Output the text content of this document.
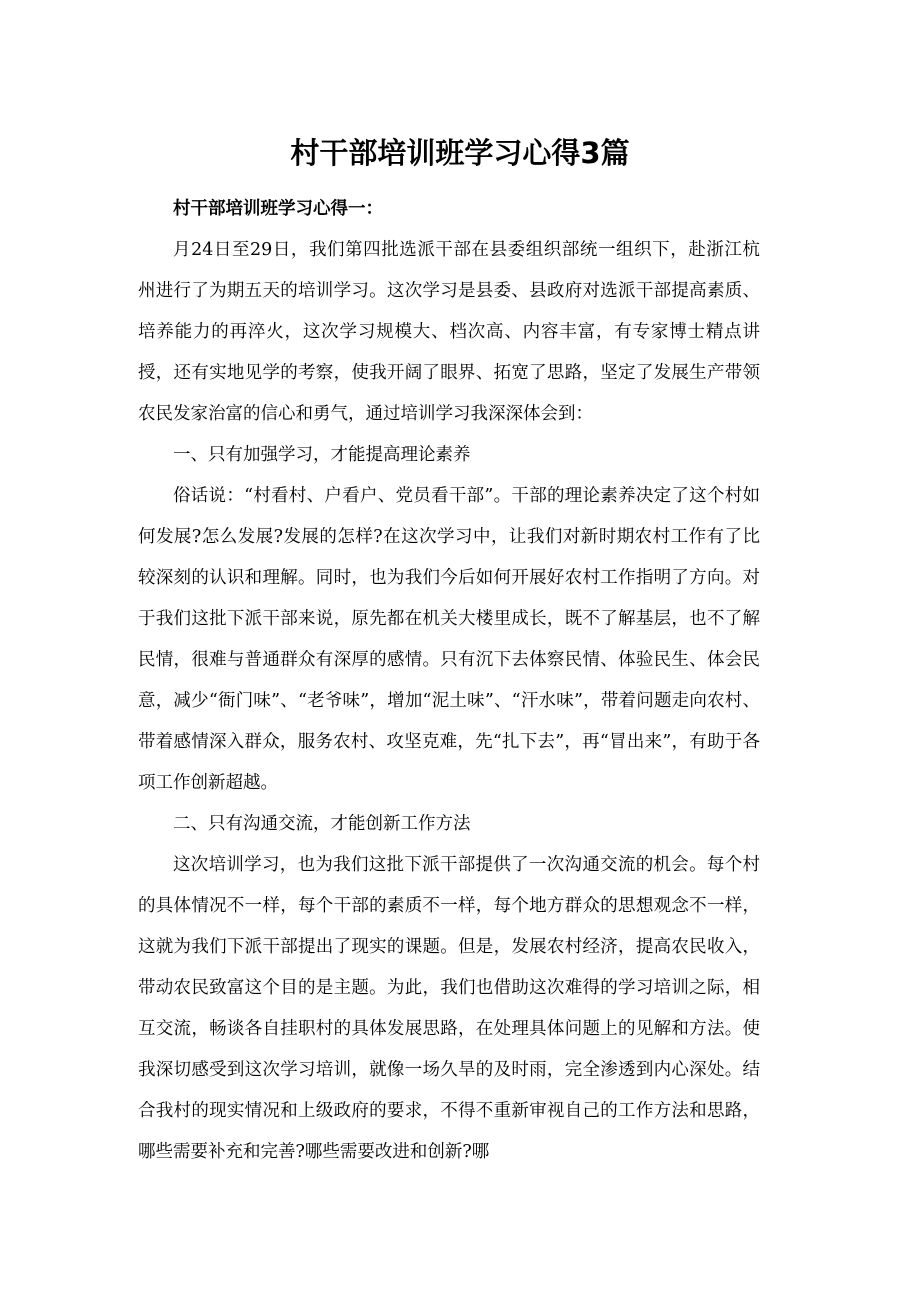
村干部培训班学习心得3篇

村干部培训班学习心得一：

月24日至29日，我们第四批选派干部在县委组织部统一组织下，赴浙江杭州进行了为期五天的培训学习。这次学习是县委、县政府对选派干部提高素质、培养能力的再淬火，这次学习规模大、档次高、内容丰富，有专家博士精点讲授，还有实地见学的考察，使我开阔了眼界、拓宽了思路，坚定了发展生产带领农民发家治富的信心和勇气，通过培训学习我深深体会到：

一、只有加强学习，才能提高理论素养

俗话说：“村看村、户看户、党员看干部”。干部的理论素养决定了这个村如何发展?怎么发展?发展的怎样?在这次学习中，让我们对新时期农村工作有了比较深刻的认识和理解。同时，也为我们今后如何开展好农村工作指明了方向。对于我们这批下派干部来说，原先都在机关大楼里成长，既不了解基层，也不了解民情，很难与普通群众有深厚的感情。只有沉下去体察民情、体验民生、体会民意，减少“衙门味”、“老爷味”，增加“泥土味”、“汗水味”，带着问题走向农村、带着感情深入群众，服务农村、攻坚克难，先“扎下去”，再“冒出来”，有助于各项工作创新超越。

二、只有沟通交流，才能创新工作方法

这次培训学习，也为我们这批下派干部提供了一次沟通交流的机会。每个村的具体情况不一样，每个干部的素质不一样，每个地方群众的思想观念不一样，这就为我们下派干部提出了现实的课题。但是，发展农村经济，提高农民收入，带动农民致富这个目的是主题。为此，我们也借助这次难得的学习培训之际，相互交流，畅谈各自挂职村的具体发展思路，在处理具体问题上的见解和方法。使我深切感受到这次学习培训，就像一场久旱的及时雨，完全渗透到内心深处。结合我村的现实情况和上级政府的要求，不得不重新审视自己的工作方法和思路，哪些需要补充和完善?哪些需要改进和创新?哪
